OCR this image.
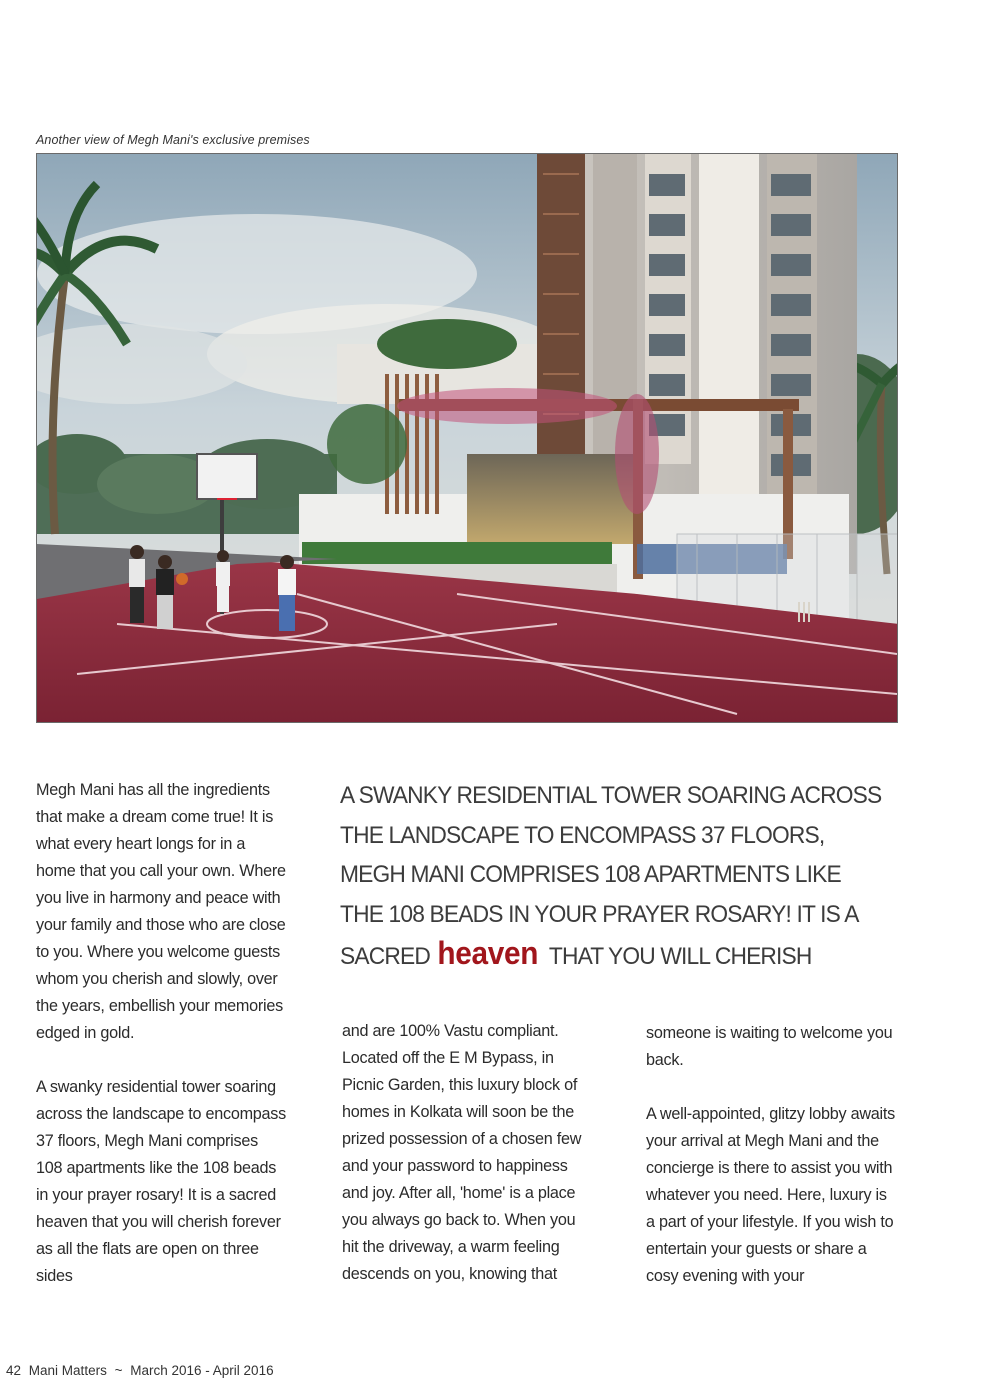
Another view of Megh Mani's exclusive premises

Megh Mani has all the ingredients that make a dream come true! It is what every heart longs for in a home that you call your own. Where you live in harmony and peace with your family and those who are close to you. Where you welcome guests whom you cherish and slowly, over the years, embellish your memories edged in gold.

A swanky residential tower soaring across the landscape to encompass 37 floors, Megh Mani comprises 108 apartments like the 108 beads in your prayer rosary! It is a sacred heaven that you will cherish forever as all the flats are open on three sides

A SWANKY RESIDENTIAL TOWER SOARING ACROSS
THE LANDSCAPE TO ENCOMPASS 37 FLOORS,
MEGH MANI COMPRISES 108 APARTMENTS LIKE
THE 108 BEADS IN YOUR PRAYER ROSARY! IT IS A
SACRED heaven THAT YOU WILL CHERISH

and are 100% Vastu compliant. Located off the E M Bypass, in Picnic Garden, this luxury block of homes in Kolkata will soon be the prized possession of a chosen few and your password to happiness and joy. After all, 'home' is a place you always go back to. When you hit the driveway, a warm feeling descends on you, knowing that

someone is waiting to welcome you back.

A well-appointed, glitzy lobby awaits your arrival at Megh Mani and the concierge is there to assist you with whatever you need. Here, luxury is a part of your lifestyle. If you wish to entertain your guests or share a cosy evening with your

42 Mani Matters ~ March 2016 - April 2016
